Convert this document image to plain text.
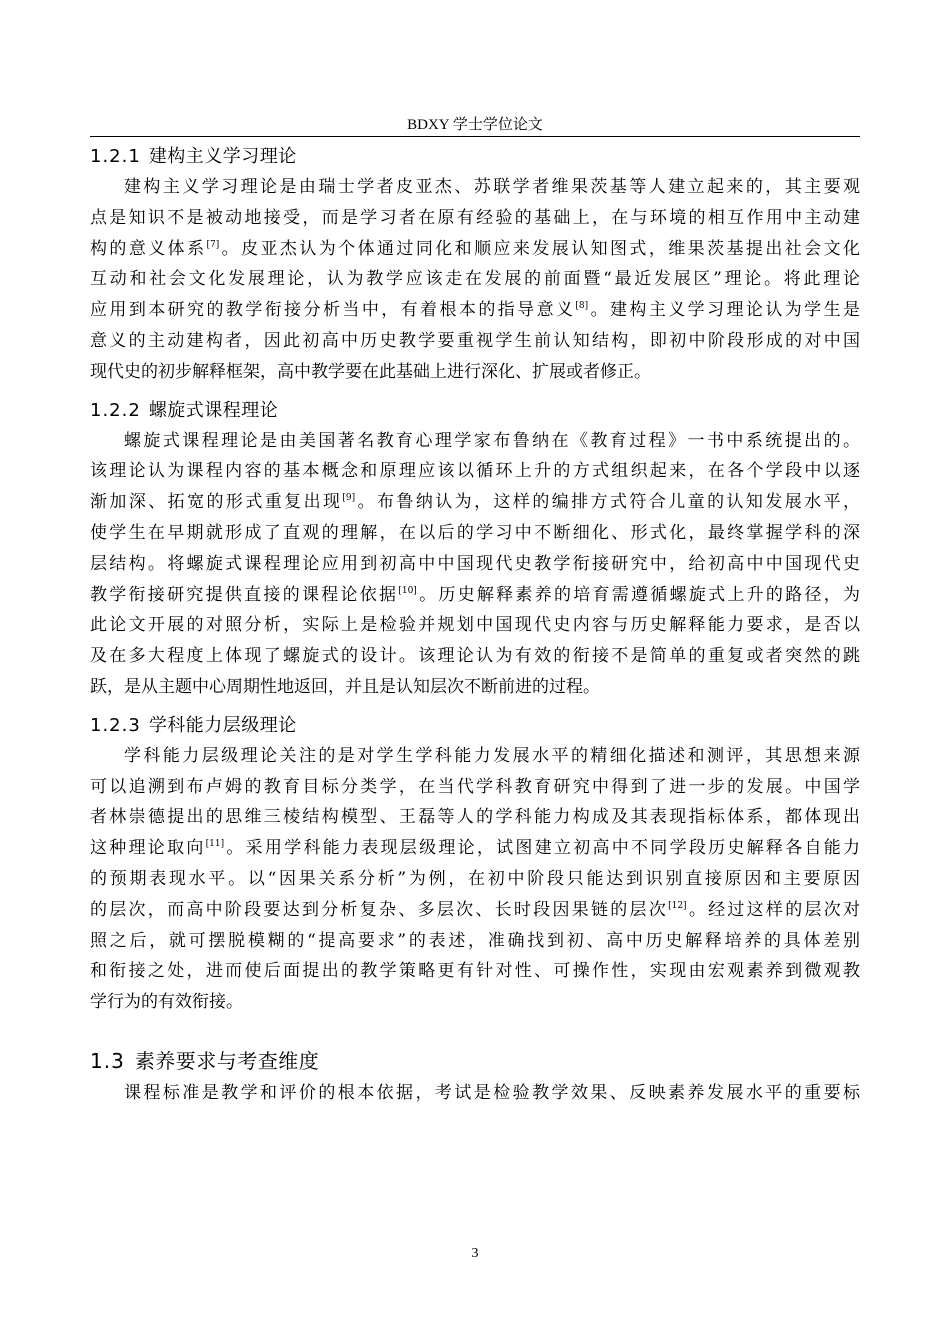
BDXY 学士学位论文
1.2.1 建构主义学习理论
建构主义学习理论是由瑞士学者皮亚杰、苏联学者维果茨基等人建立起来的，其主要观
点是知识不是被动地接受，而是学习者在原有经验的基础上，在与环境的相互作用中主动建
构的意义体系[7]。皮亚杰认为个体通过同化和顺应来发展认知图式，维果茨基提出社会文化
互动和社会文化发展理论，认为教学应该走在发展的前面暨“最近发展区”理论。将此理论
应用到本研究的教学衔接分析当中，有着根本的指导意义[8]。建构主义学习理论认为学生是
意义的主动建构者，因此初高中历史教学要重视学生前认知结构，即初中阶段形成的对中国
现代史的初步解释框架，高中教学要在此基础上进行深化、扩展或者修正。
1.2.2 螺旋式课程理论
螺旋式课程理论是由美国著名教育心理学家布鲁纳在《教育过程》一书中系统提出的。
该理论认为课程内容的基本概念和原理应该以循环上升的方式组织起来，在各个学段中以逐
渐加深、拓宽的形式重复出现[9]。布鲁纳认为，这样的编排方式符合儿童的认知发展水平，
使学生在早期就形成了直观的理解，在以后的学习中不断细化、形式化，最终掌握学科的深
层结构。将螺旋式课程理论应用到初高中中国现代史教学衔接研究中，给初高中中国现代史
教学衔接研究提供直接的课程论依据[10]。历史解释素养的培育需遵循螺旋式上升的路径，为
此论文开展的对照分析，实际上是检验并规划中国现代史内容与历史解释能力要求，是否以
及在多大程度上体现了螺旋式的设计。该理论认为有效的衔接不是简单的重复或者突然的跳
跃，是从主题中心周期性地返回，并且是认知层次不断前进的过程。
1.2.3 学科能力层级理论
学科能力层级理论关注的是对学生学科能力发展水平的精细化描述和测评，其思想来源
可以追溯到布卢姆的教育目标分类学，在当代学科教育研究中得到了进一步的发展。中国学
者林崇德提出的思维三棱结构模型、王磊等人的学科能力构成及其表现指标体系，都体现出
这种理论取向[11]。采用学科能力表现层级理论，试图建立初高中不同学段历史解释各自能力
的预期表现水平。以“因果关系分析”为例，在初中阶段只能达到识别直接原因和主要原因
的层次，而高中阶段要达到分析复杂、多层次、长时段因果链的层次[12]。经过这样的层次对
照之后，就可摆脱模糊的“提高要求”的表述，准确找到初、高中历史解释培养的具体差别
和衔接之处，进而使后面提出的教学策略更有针对性、可操作性，实现由宏观素养到微观教
学行为的有效衔接。
1.3 素养要求与考查维度
课程标准是教学和评价的根本依据，考试是检验教学效果、反映素养发展水平的重要标
3
